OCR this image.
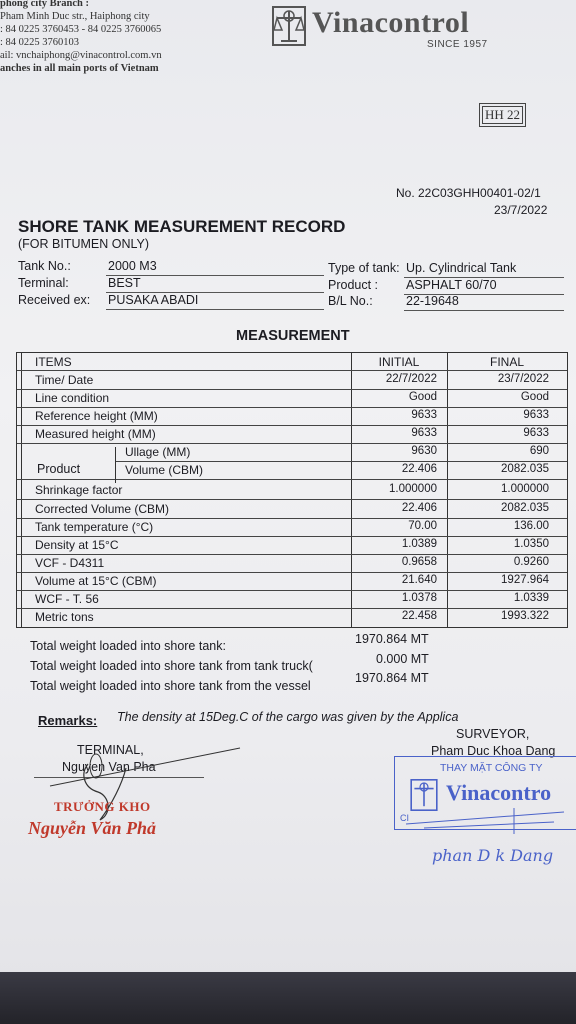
phong city Branch :
Pham Minh Duc str., Haiphong city
: 84 0225 3760453 - 84 0225 3760065
: 84 0225 3760103
ail: vnchaiphong@vinacontrol.com.vn
anches in all main ports of Vietnam
Vinacontrol
SINCE 1957
HH 22
No. 22C03GHH00401-02/1
23/7/2022
SHORE TANK MEASUREMENT RECORD
(FOR BITUMEN ONLY)
Tank No.:	2000 M3
Terminal:	BEST
Received ex: PUSAKA ABADI
Type of tank: Up. Cylindrical Tank
Product : ASPHALT 60/70
B/L No.:	22-19648
MEASUREMENT
ITEMS	INITIAL	FINAL
Time/ Date	22/7/2022	23/7/2022
Line condition	Good	Good
Reference height (MM)	9633	9633
Measured height (MM)	9633	9633
Ullage (MM)	9630	690
Volume (CBM)	22.406	2082.035
Shrinkage factor	1.000000	1.000000
Corrected Volume (CBM)	22.406	2082.035
Tank temperature (°C)	70.00	136.00
Density at 15°C	1.0389	1.0350
VCF - D4311	0.9658	0.9260
Volume at 15°C (CBM)	21.640	1927.964
WCF - T. 56	1.0378	1.0339
Metric tons	22.458	1993.322
Product
Total weight loaded into shore tank:	1970.864 MT
Total weight loaded into shore tank from tank truck(	0.000 MT
Total weight loaded into shore tank from the vessel
1970.864 MT
Remarks: The density at 15Deg.C of the cargo was given by the Applica
TERMINAL,
Nguyen Van Pha
TRƯỞNG KHO
Nguyễn Văn Phả
SURVEYOR,
Pham Duc Khoa Dang
THAY MẶT CÔNG TY
Vinacontro
CI
phan D k Dang
